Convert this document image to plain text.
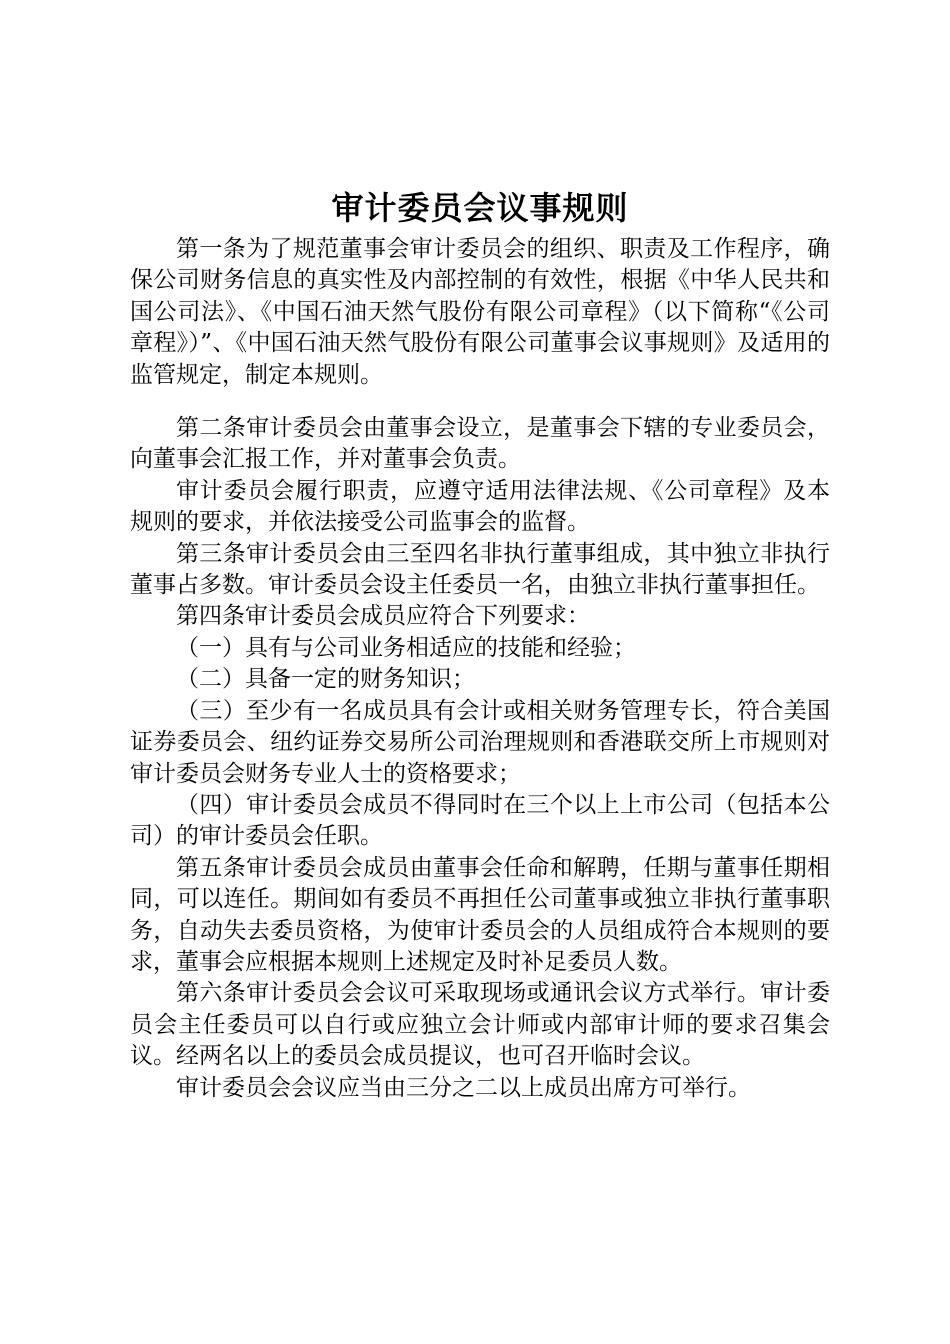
审计委员会议事规则

第一条为了规范董事会审计委员会的组织、职责及工作程序，确保公司财务信息的真实性及内部控制的有效性，根据《中华人民共和国公司法》、《中国石油天然气股份有限公司章程》（以下简称“《公司章程》）”、《中国石油天然气股份有限公司董事会议事规则》及适用的监管规定，制定本规则。

第二条审计委员会由董事会设立，是董事会下辖的专业委员会，向董事会汇报工作，并对董事会负责。

审计委员会履行职责，应遵守适用法律法规、《公司章程》及本规则的要求，并依法接受公司监事会的监督。

第三条审计委员会由三至四名非执行董事组成，其中独立非执行董事占多数。审计委员会设主任委员一名，由独立非执行董事担任。

第四条审计委员会成员应符合下列要求：

（一）具有与公司业务相适应的技能和经验；

（二）具备一定的财务知识；

（三）至少有一名成员具有会计或相关财务管理专长，符合美国证券委员会、纽约证券交易所公司治理规则和香港联交所上市规则对审计委员会财务专业人士的资格要求；

（四）审计委员会成员不得同时在三个以上上市公司（包括本公司）的审计委员会任职。

第五条审计委员会成员由董事会任命和解聘，任期与董事任期相同，可以连任。期间如有委员不再担任公司董事或独立非执行董事职务，自动失去委员资格，为使审计委员会的人员组成符合本规则的要求，董事会应根据本规则上述规定及时补足委员人数。

第六条审计委员会会议可采取现场或通讯会议方式举行。审计委员会主任委员可以自行或应独立会计师或内部审计师的要求召集会议。经两名以上的委员会成员提议，也可召开临时会议。

审计委员会会议应当由三分之二以上成员出席方可举行。
